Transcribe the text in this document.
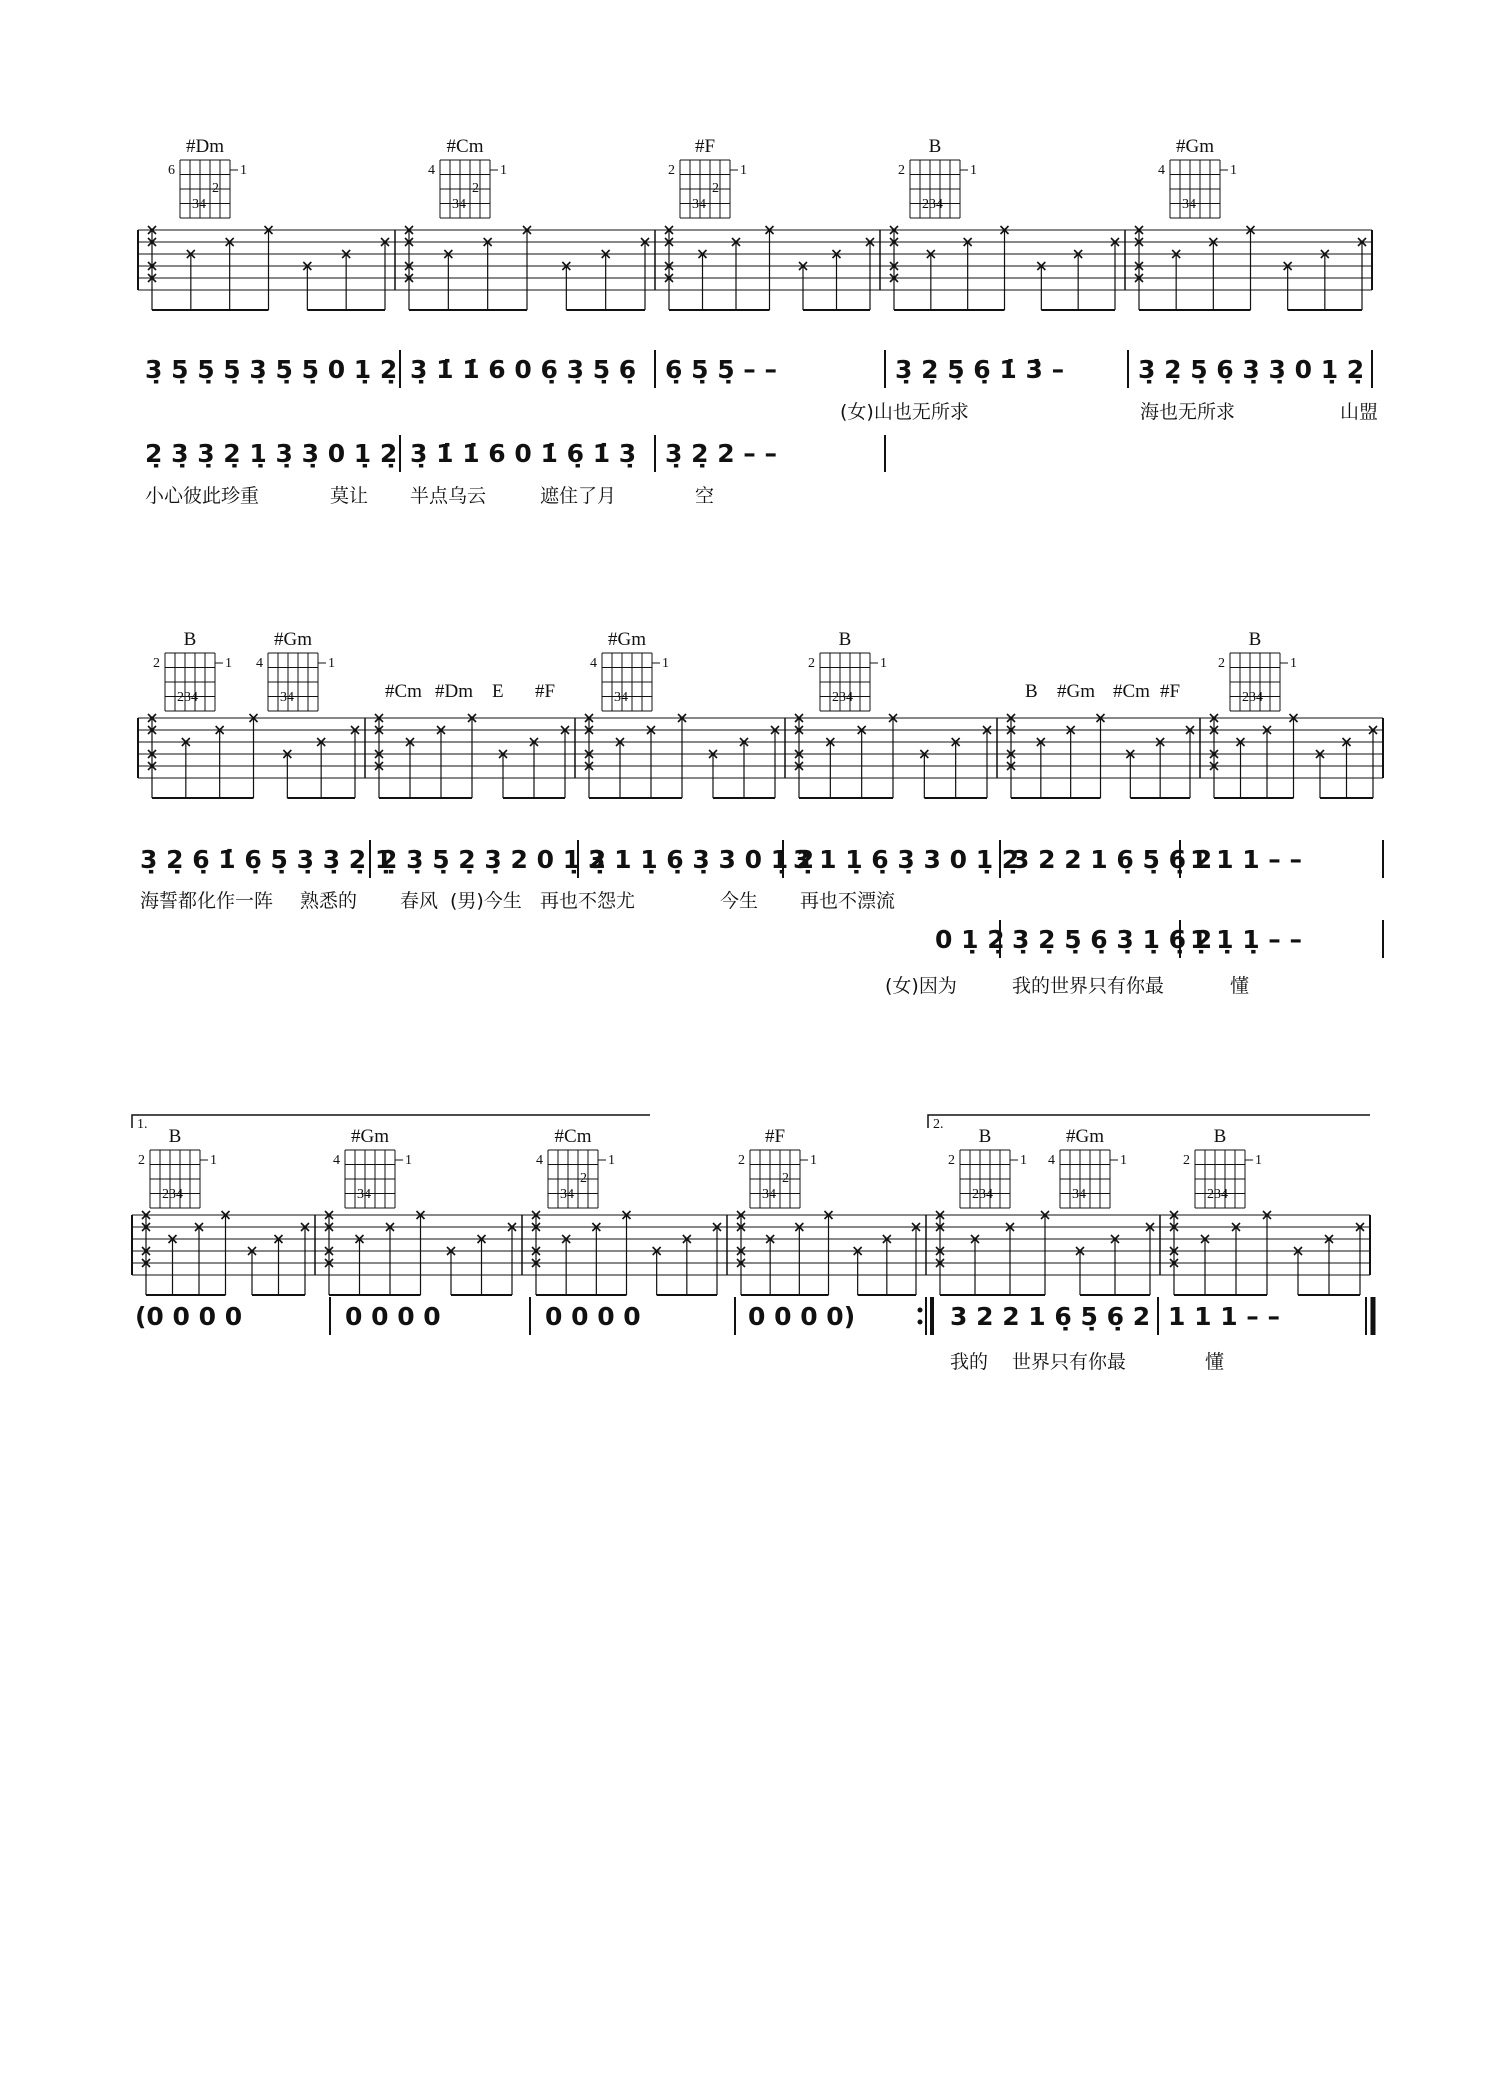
#Dm
6	1
2
34
#Cm
4	1
2
34
#F
2	1
2
34
B
2	1
234
#Gm
4	1
34
3̣ 5̣ 5̣ 5̣ 3̣ 5̣ 5̣ 0 1̣ 2̣ 3̣ 1̇ 1̇ 6 0 6̣ 3̣ 5̣ 6̣ 6̣ 5̣ 5̣ – –	3̣ 2̣ 5̣ 6̣ 1̇ 3̇ –	3̣ 2̣ 5̣ 6̣ 3̣ 3̣ 0 1̣ 2̣
(女)山也无所求	海也无所求	山盟
2̣ 3̣ 3̣ 2̣ 1̣ 3̣ 3̣ 0 1̣ 2̣ 3̣ 1̇ 1̇ 6 0 1̇ 6̣ 1̇ 3̣ 3̣ 2̣ 2 – –
小心彼此珍重	莫让 半点乌云	遮住了月	空
B
2	1
234
#Gm
4	1
34
#Gm
4	1
34
B
2	1
234
B
2	1
234
#Cm #Dm E #F	B #Gm #Cm #F
3̣ 2̣ 6̣ 1̇ 6̣ 5̣ 3̣ 3̣ 2̣ 1̣
2̣ 3̣ 5̣ 2̣ 3̣ 2 0 1̣ 2̣
3 1 1̣ 6̣ 3̣ 3 0 1̣ 2̣
3 1 1̣ 6̣ 3̣ 3 0 1̣ 2̣
3 2 2 1 6̣ 5̣ 6̣ 2
1 1 1 – –
海誓都化作一阵 熟悉的 春风 (男)今生 再也不怨尤	今生 再也不漂流
0 1̣ 2̣ 3̣ 2̣ 5̣ 6̣ 3̣ 1̣ 6̣ 2
1̣ 1̣ 1̣ – –
(女)因为	我的世界只有你最	懂
1.	2.
B
2	1
234
#Gm
4	1
34
#Cm
4	1
2
34
#F
2	1
2
34
B
2	1
234
#Gm
4	1
34
B
2	1
234
(0 0 0 0	0 0 0 0	0 0 0 0	0 0 0 0)	3 2 2 1 6̣ 5̣ 6̣ 2 1 1 1 – –
我的 世界只有你最	懂
